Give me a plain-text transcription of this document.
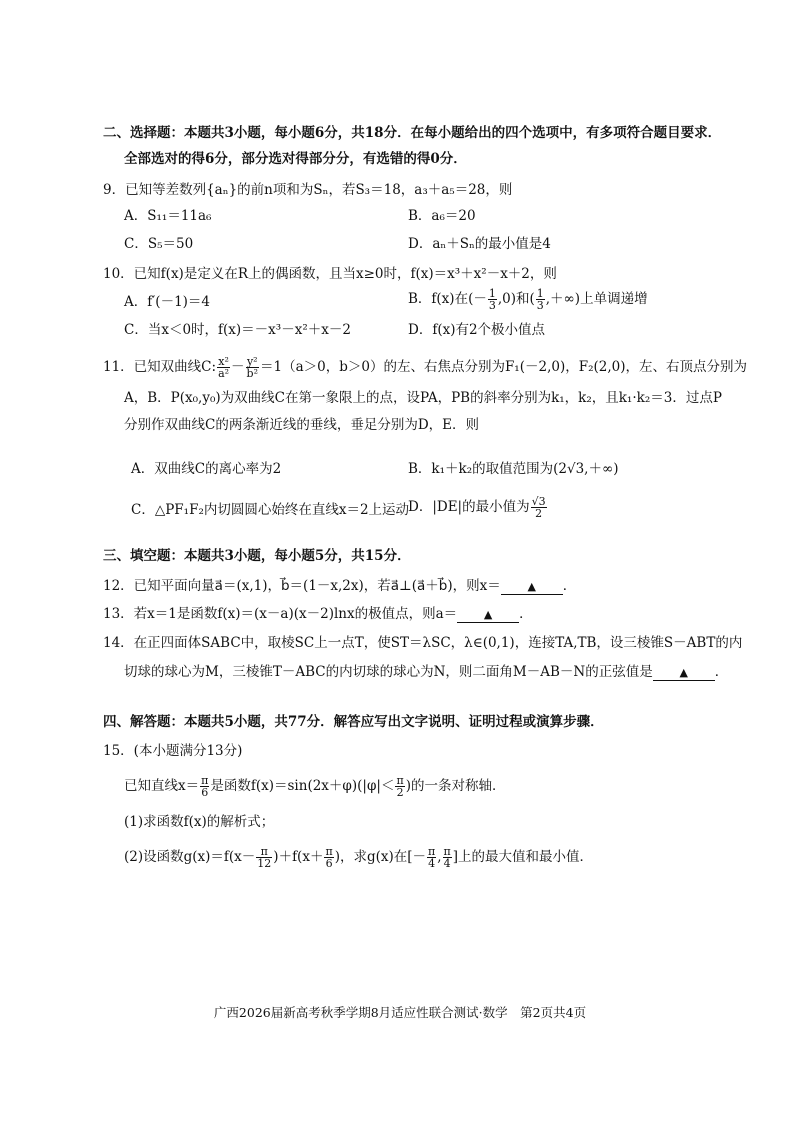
二、选择题：本题共3小题，每小题6分，共18分．在每小题给出的四个选项中，有多项符合题目要求．
全部选对的得6分，部分选对得部分分，有选错的得0分．
9．已知等差数列{aₙ}的前n项和为Sₙ，若S₃＝18，a₃＋a₅＝28，则
A．S₁₁＝11a₆	B．a₆＝20
C．S₅＝50	D．aₙ＋Sₙ的最小值是4
10．已知f(x)是定义在R上的偶函数，且当x≥0时，f(x)＝x³＋x²－x＋2，则
A．f′(－1)＝4	B．f(x)在(－ $\frac{1}{3} ,0$)和( $\frac{1}{3}$ ,＋∞)上单调递增
C．当x＜0时，f(x)＝－x³－x²＋x－2	D．f(x)有2个极小值点
11．已知双曲线C: $\frac{\text{x²}}{\text{a²}} - \frac{\text{y²}}{\text{b²}} =1(a>0$，b＞0）的左、右焦点分别为F₁(－2,0)，F₂(2,0)，左、右顶点分别为
A，B．P(x₀,y₀)为双曲线C在第一象限上的点，设PA，PB的斜率分别为k₁，k₂，且k₁·k₂＝3．过点P
分别作双曲线C的两条渐近线的垂线，垂足分别为D，E．则
A．双曲线C的离心率为2	B．k₁＋k₂的取值范围为(2√3,＋∞)
C．△PF₁F₂内切圆圆心始终在直线x＝2上运动
D．|DE|的最小值为 $\frac{√3}{2}$
三、填空题：本题共3小题，每小题5分，共15分．
12．已知平面向量a⃗＝(x,1)，b⃗＝(1－x,2x)，若a⃗⊥(a⃗＋b⃗)，则x＝ ▲ ．
13．若x＝1是函数f(x)＝(x－a)(x－2)lnx的极值点，则a＝ ▲ ．
14．在正四面体SABC中，取棱SC上一点T，使ST＝λSC，λ∈(0,1)，连接TA,TB，设三棱锥S－ABT的内
切球的球心为M，三棱锥T－ABC的内切球的球心为N，则二面角M－AB－N的正弦值是 ▲ ．
四、解答题：本题共5小题，共77分．解答应写出文字说明、证明过程或演算步骤．
15．(本小题满分13分)
已知直线$x= \frac{\pi}{6}$ 是函数$f(x)=\sin(2x+\varphi)(|\varphi|< \frac{\pi}{2}$ )的一条对称轴．
(1)求函数f(x)的解析式；
(2)设函数$g(x)=f(x- \frac{\pi}{12} )+f(x+ \frac{\pi}{6}$ )，求g(x)在[－ $\frac{\pi}{4}$ , $\frac{\pi}{4}$ ]上的最大值和最小值．
广西2026届新高考秋季学期8月适应性联合测试·数学　第2页共4页
